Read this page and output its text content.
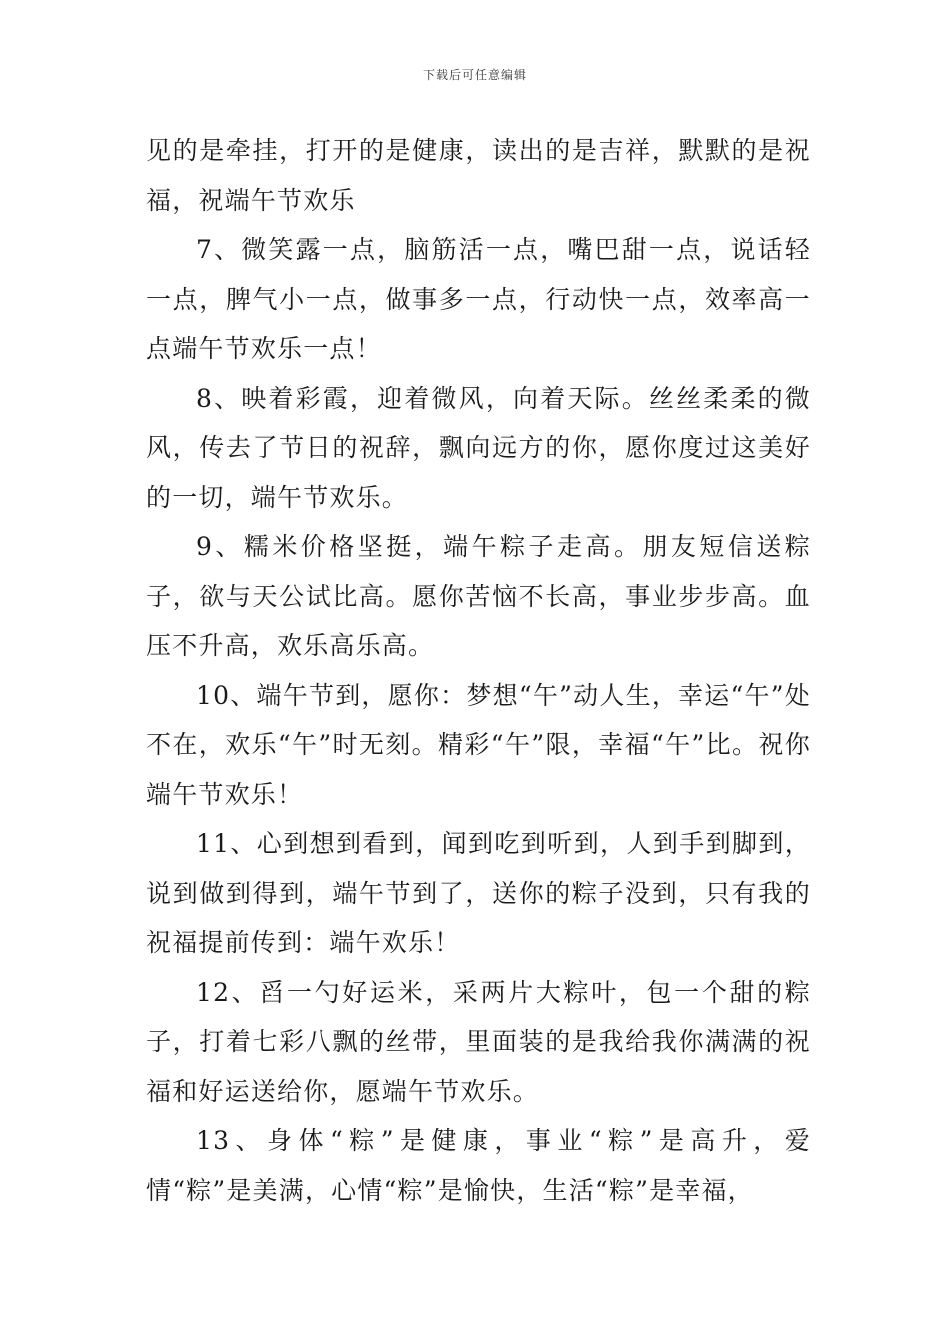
下载后可任意编辑

见的是牵挂，打开的是健康，读出的是吉祥，默默的是祝福，祝端午节欢乐

7、微笑露一点，脑筋活一点，嘴巴甜一点，说话轻一点，脾气小一点，做事多一点，行动快一点，效率高一点端午节欢乐一点！

8、映着彩霞，迎着微风，向着天际。丝丝柔柔的微风，传去了节日的祝辞，飘向远方的你，愿你度过这美好的一切，端午节欢乐。

9、糯米价格坚挺，端午粽子走高。朋友短信送粽子，欲与天公试比高。愿你苦恼不长高，事业步步高。血压不升高，欢乐高乐高。

10、端午节到，愿你：梦想“午”动人生，幸运“午”处不在，欢乐“午”时无刻。精彩“午”限，幸福“午”比。祝你端午节欢乐！

11、心到想到看到，闻到吃到听到，人到手到脚到，说到做到得到，端午节到了，送你的粽子没到，只有我的祝福提前传到：端午欢乐！

12、舀一勺好运米，采两片大粽叶，包一个甜的粽子，打着七彩八飘的丝带，里面装的是我给我你满满的祝福和好运送给你，愿端午节欢乐。

13、身体“粽”是健康，事业“粽”是高升，爱情“粽”是美满，心情“粽”是愉快，生活“粽”是幸福，
